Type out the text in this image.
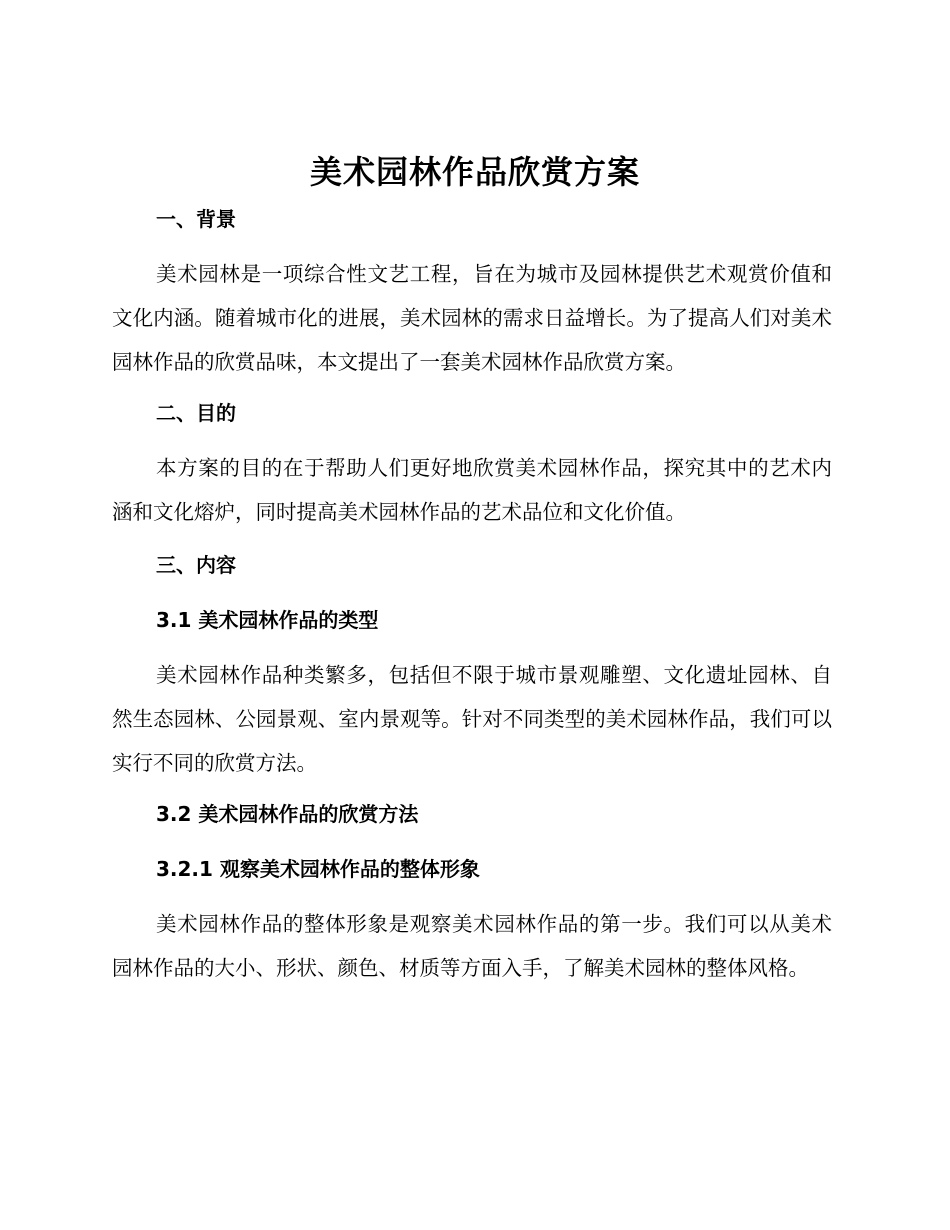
美术园林作品欣赏方案
一、背景
美术园林是一项综合性文艺工程，旨在为城市及园林提供艺术观赏价值和文化内涵。随着城市化的进展，美术园林的需求日益增长。为了提高人们对美术园林作品的欣赏品味，本文提出了一套美术园林作品欣赏方案。
二、目的
本方案的目的在于帮助人们更好地欣赏美术园林作品，探究其中的艺术内涵和文化熔炉，同时提高美术园林作品的艺术品位和文化价值。
三、内容
3.1 美术园林作品的类型
美术园林作品种类繁多，包括但不限于城市景观雕塑、文化遗址园林、自然生态园林、公园景观、室内景观等。针对不同类型的美术园林作品，我们可以实行不同的欣赏方法。
3.2 美术园林作品的欣赏方法
3.2.1 观察美术园林作品的整体形象
美术园林作品的整体形象是观察美术园林作品的第一步。我们可以从美术园林作品的大小、形状、颜色、材质等方面入手，了解美术园林的整体风格。
